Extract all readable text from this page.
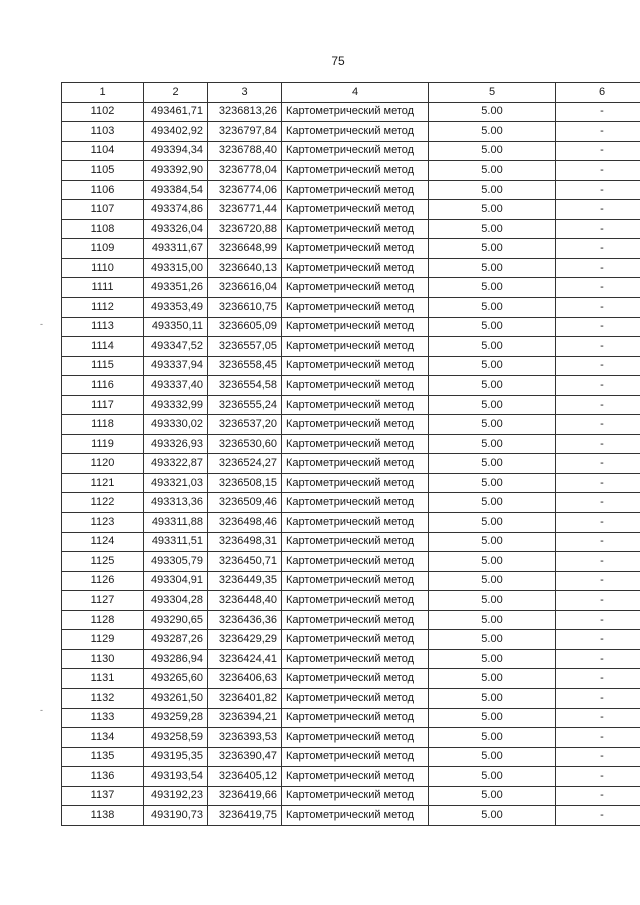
75
-
-
1	2	3	4	5	6
1102	493461,71	3236813,26	Картометрический метод	5.00	-
1103	493402,92	3236797,84	Картометрический метод	5.00	-
1104	493394,34	3236788,40	Картометрический метод	5.00	-
1105	493392,90	3236778,04	Картометрический метод	5.00	-
1106	493384,54	3236774,06	Картометрический метод	5.00	-
1107	493374,86	3236771,44	Картометрический метод	5.00	-
1108	493326,04	3236720,88	Картометрический метод	5.00	-
1109	493311,67	3236648,99	Картометрический метод	5.00	-
1110	493315,00	3236640,13	Картометрический метод	5.00	-
1111	493351,26	3236616,04	Картометрический метод	5.00	-
1112	493353,49	3236610,75	Картометрический метод	5.00	-
1113	493350,11	3236605,09	Картометрический метод	5.00	-
1114	493347,52	3236557,05	Картометрический метод	5.00	-
1115	493337,94	3236558,45	Картометрический метод	5.00	-
1116	493337,40	3236554,58	Картометрический метод	5.00	-
1117	493332,99	3236555,24	Картометрический метод	5.00	-
1118	493330,02	3236537,20	Картометрический метод	5.00	-
1119	493326,93	3236530,60	Картометрический метод	5.00	-
1120	493322,87	3236524,27	Картометрический метод	5.00	-
1121	493321,03	3236508,15	Картометрический метод	5.00	-
1122	493313,36	3236509,46	Картометрический метод	5.00	-
1123	493311,88	3236498,46	Картометрический метод	5.00	-
1124	493311,51	3236498,31	Картометрический метод	5.00	-
1125	493305,79	3236450,71	Картометрический метод	5.00	-
1126	493304,91	3236449,35	Картометрический метод	5.00	-
1127	493304,28	3236448,40	Картометрический метод	5.00	-
1128	493290,65	3236436,36	Картометрический метод	5.00	-
1129	493287,26	3236429,29	Картометрический метод	5.00	-
1130	493286,94	3236424,41	Картометрический метод	5.00	-
1131	493265,60	3236406,63	Картометрический метод	5.00	-
1132	493261,50	3236401,82	Картометрический метод	5.00	-
1133	493259,28	3236394,21	Картометрический метод	5.00	-
1134	493258,59	3236393,53	Картометрический метод	5.00	-
1135	493195,35	3236390,47	Картометрический метод	5.00	-
1136	493193,54	3236405,12	Картометрический метод	5.00	-
1137	493192,23	3236419,66	Картометрический метод	5.00	-
1138	493190,73	3236419,75	Картометрический метод	5.00	-
